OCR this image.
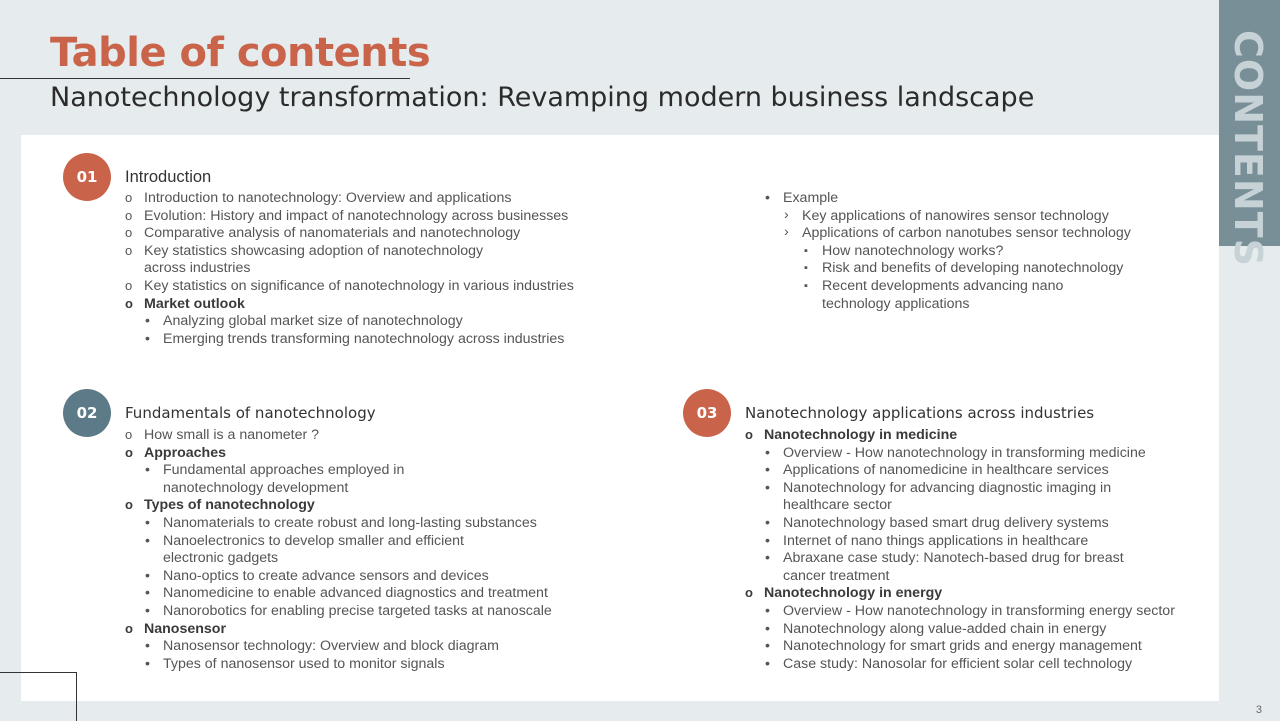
Table of contents
Nanotechnology transformation: Revamping modern business landscape	CONTENTS
01	Introduction
o Introduction to nanotechnology: Overview and applications
o Evolution: History and impact of nanotechnology across businesses
o Comparative analysis of nanomaterials and nanotechnology
o Key statistics showcasing adoption of nanotechnology
across industries
o Key statistics on significance of nanotechnology in various industries
o Market outlook
• Analyzing global market size of nanotechnology
• Emerging trends transforming nanotechnology across industries
• Example
› Key applications of nanowires sensor technology
› Applications of carbon nanotubes sensor technology
▪ How nanotechnology works?
▪ Risk and benefits of developing nanotechnology
▪ Recent developments advancing nano
technology applications
02	Fundamentals of nanotechnology
o How small is a nanometer ?
o Approaches
• Fundamental approaches employed in
nanotechnology development
o Types of nanotechnology
• Nanomaterials to create robust and long-lasting substances
• Nanoelectronics to develop smaller and efficient
electronic gadgets
• Nano-optics to create advance sensors and devices
• Nanomedicine to enable advanced diagnostics and treatment
• Nanorobotics for enabling precise targeted tasks at nanoscale
o Nanosensor
• Nanosensor technology: Overview and block diagram
• Types of nanosensor used to monitor signals
03	Nanotechnology applications across industries
o Nanotechnology in medicine
• Overview - How nanotechnology in transforming medicine
• Applications of nanomedicine in healthcare services
• Nanotechnology for advancing diagnostic imaging in
healthcare sector
• Nanotechnology based smart drug delivery systems
• Internet of nano things applications in healthcare
• Abraxane case study: Nanotech-based drug for breast
cancer treatment
o Nanotechnology in energy
• Overview - How nanotechnology in transforming energy sector
• Nanotechnology along value-added chain in energy
• Nanotechnology for smart grids and energy management
• Case study: Nanosolar for efficient solar cell technology
3
